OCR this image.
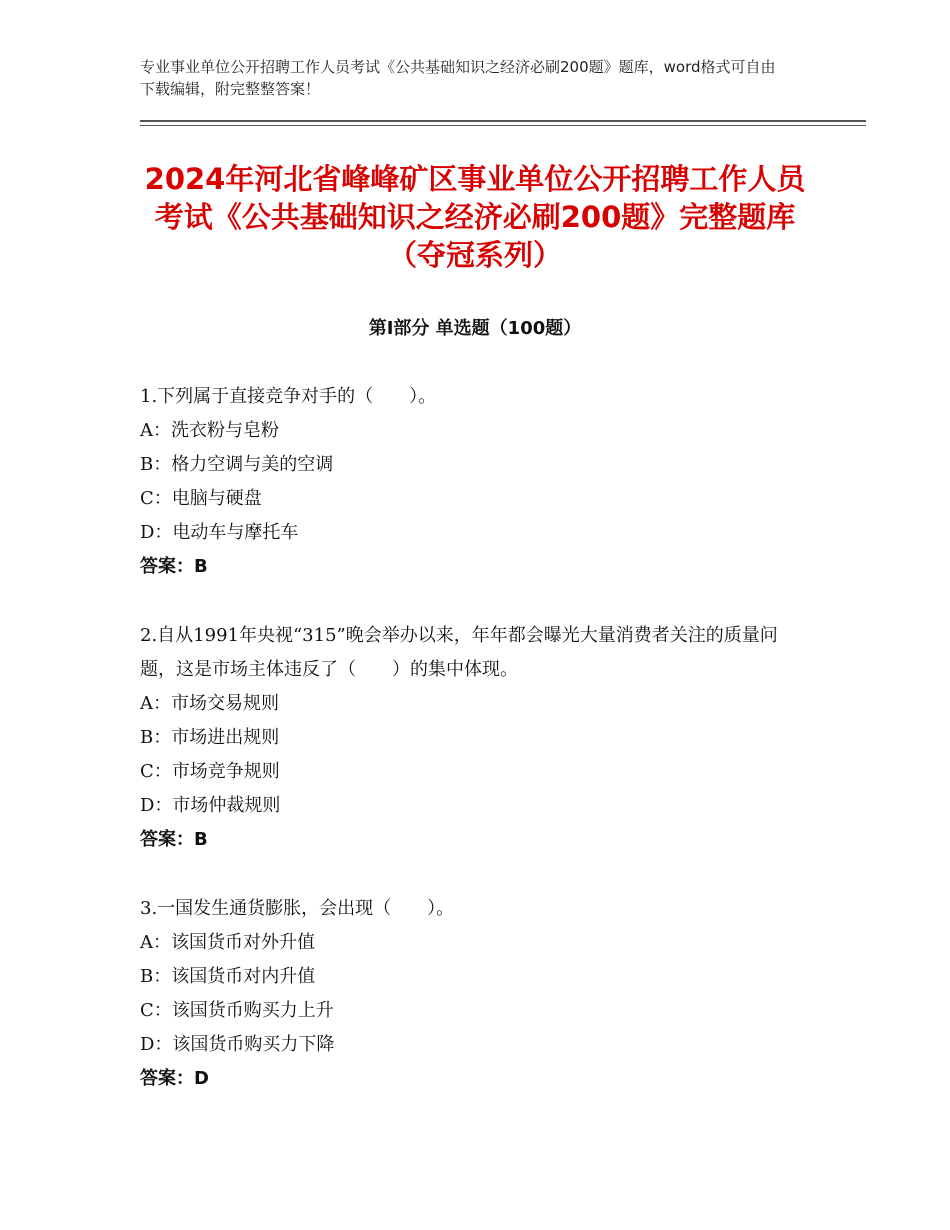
专业事业单位公开招聘工作人员考试《公共基础知识之经济必刷200题》题库，word格式可自由下载编辑，附完整整答案！
2024年河北省峰峰矿区事业单位公开招聘工作人员考试《公共基础知识之经济必刷200题》完整题库（夺冠系列）
第Ⅰ部分 单选题（100题）
1.下列属于直接竞争对手的（　　）。
A：洗衣粉与皂粉
B：格力空调与美的空调
C：电脑与硬盘
D：电动车与摩托车
答案：B
2.自从1991年央视“315”晚会举办以来，年年都会曝光大量消费者关注的质量问题，这是市场主体违反了（　　）的集中体现。
A：市场交易规则
B：市场进出规则
C：市场竞争规则
D：市场仲裁规则
答案：B
3.一国发生通货膨胀，会出现（　　）。
A：该国货币对外升值
B：该国货币对内升值
C：该国货币购买力上升
D：该国货币购买力下降
答案：D
